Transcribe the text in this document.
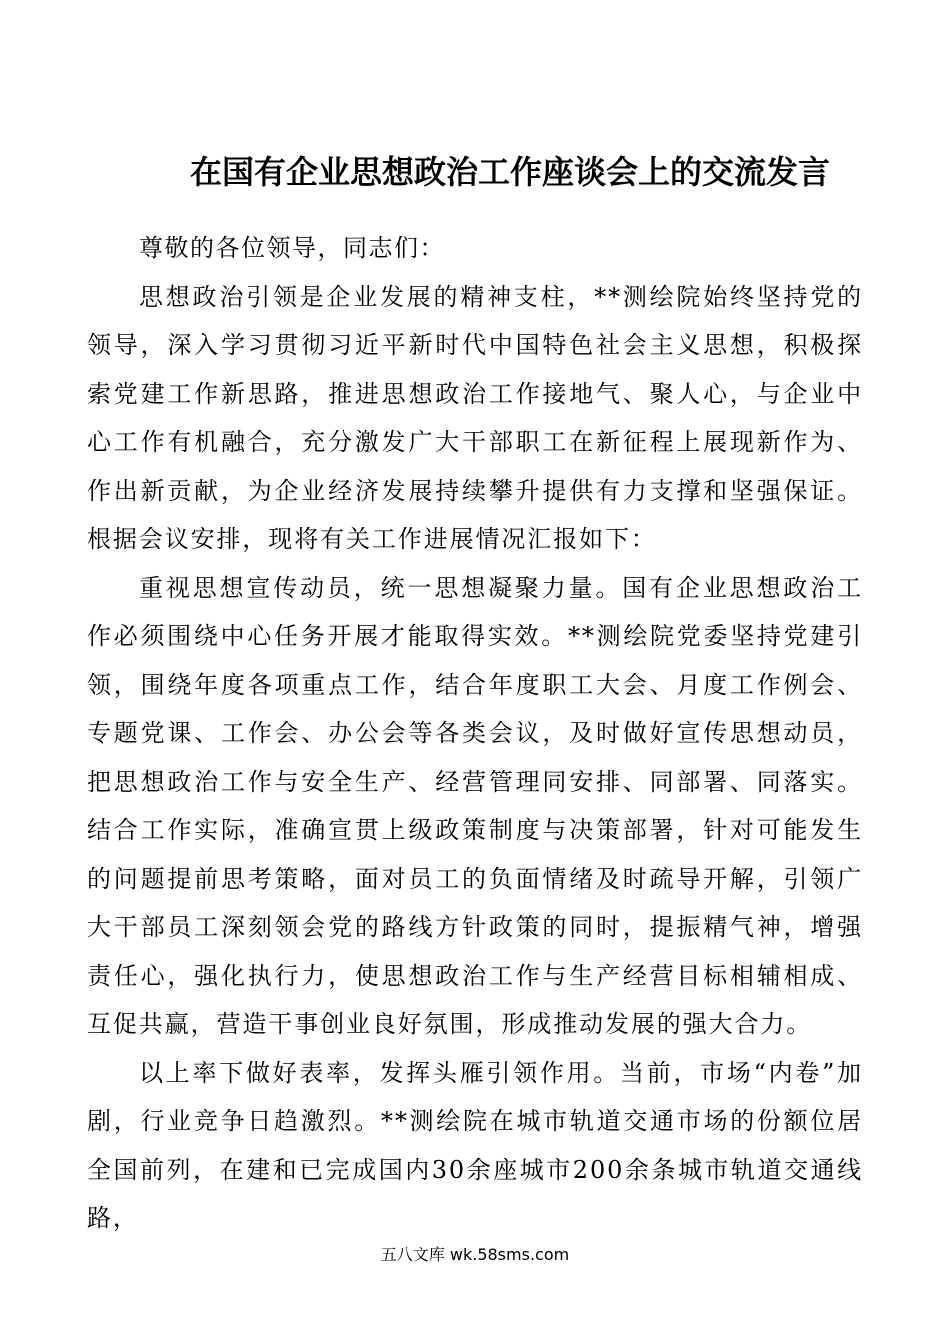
在国有企业思想政治工作座谈会上的交流发言

尊敬的各位领导，同志们：

思想政治引领是企业发展的精神支柱，**测绘院始终坚持党的领导，深入学习贯彻习近平新时代中国特色社会主义思想，积极探索党建工作新思路，推进思想政治工作接地气、聚人心，与企业中心工作有机融合，充分激发广大干部职工在新征程上展现新作为、作出新贡献，为企业经济发展持续攀升提供有力支撑和坚强保证。根据会议安排，现将有关工作进展情况汇报如下：

重视思想宣传动员，统一思想凝聚力量。国有企业思想政治工作必须围绕中心任务开展才能取得实效。**测绘院党委坚持党建引领，围绕年度各项重点工作，结合年度职工大会、月度工作例会、专题党课、工作会、办公会等各类会议，及时做好宣传思想动员，把思想政治工作与安全生产、经营管理同安排、同部署、同落实。结合工作实际，准确宣贯上级政策制度与决策部署，针对可能发生的问题提前思考策略，面对员工的负面情绪及时疏导开解，引领广大干部员工深刻领会党的路线方针政策的同时，提振精气神，增强责任心，强化执行力，使思想政治工作与生产经营目标相辅相成、互促共赢，营造干事创业良好氛围，形成推动发展的强大合力。

以上率下做好表率，发挥头雁引领作用。当前，市场“内卷”加剧，行业竞争日趋激烈。**测绘院在城市轨道交通市场的份额位居全国前列，在建和已完成国内30余座城市200余条城市轨道交通线路，

五八文库 wk.58sms.com
